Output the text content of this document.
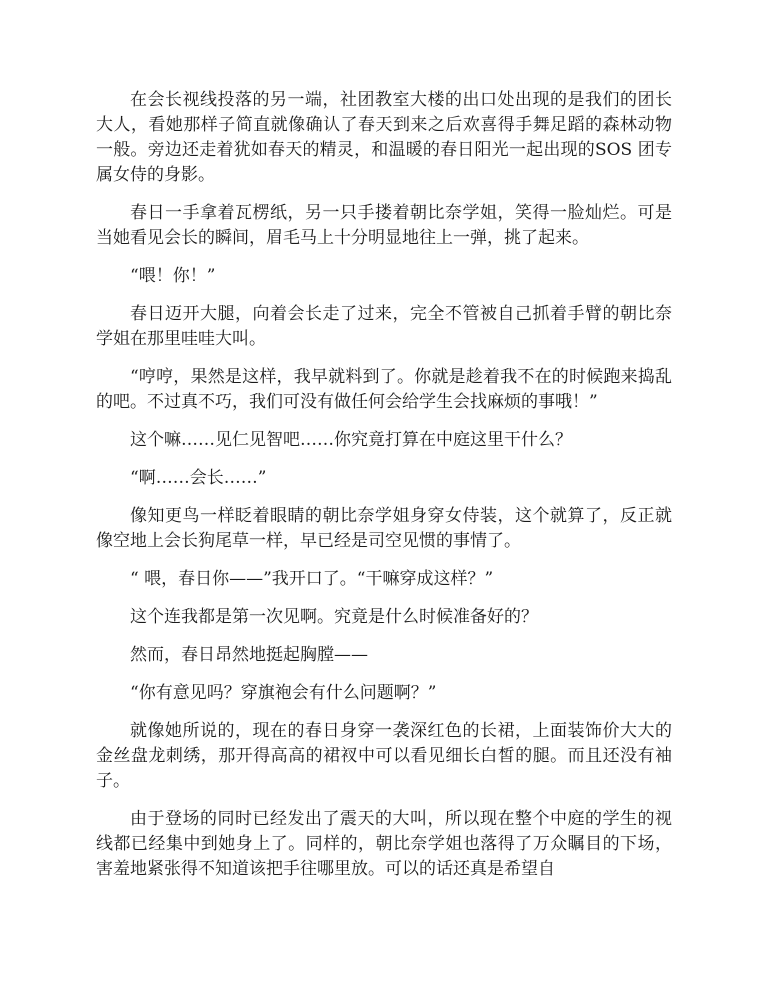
在会长视线投落的另一端，社团教室大楼的出口处出现的是我们的团长大人，看她那样子简直就像确认了春天到来之后欢喜得手舞足蹈的森林动物一般。旁边还走着犹如春天的精灵，和温暖的春日阳光一起出现的SOS 团专属女侍的身影。

春日一手拿着瓦楞纸，另一只手搂着朝比奈学姐，笑得一脸灿烂。可是当她看见会长的瞬间，眉毛马上十分明显地往上一弹，挑了起来。

“喂！你！”

春日迈开大腿，向着会长走了过来，完全不管被自己抓着手臂的朝比奈学姐在那里哇哇大叫。

“哼哼，果然是这样，我早就料到了。你就是趁着我不在的时候跑来捣乱的吧。不过真不巧，我们可没有做任何会给学生会找麻烦的事哦！”

这个嘛……见仁见智吧……你究竟打算在中庭这里干什么？

“啊……会长……”

像知更鸟一样眨着眼睛的朝比奈学姐身穿女侍装，这个就算了，反正就像空地上会长狗尾草一样，早已经是司空见惯的事情了。

“ 喂，春日你——”我开口了。“干嘛穿成这样？”

这个连我都是第一次见啊。究竟是什么时候准备好的？

然而，春日昂然地挺起胸膛——

“你有意见吗？穿旗袍会有什么问题啊？”

就像她所说的，现在的春日身穿一袭深红色的长裙，上面装饰价大大的金丝盘龙刺绣，那开得高高的裙衩中可以看见细长白皙的腿。而且还没有袖子。

由于登场的同时已经发出了震天的大叫，所以现在整个中庭的学生的视线都已经集中到她身上了。同样的，朝比奈学姐也落得了万众瞩目的下场，害羞地紧张得不知道该把手往哪里放。可以的话还真是希望自
